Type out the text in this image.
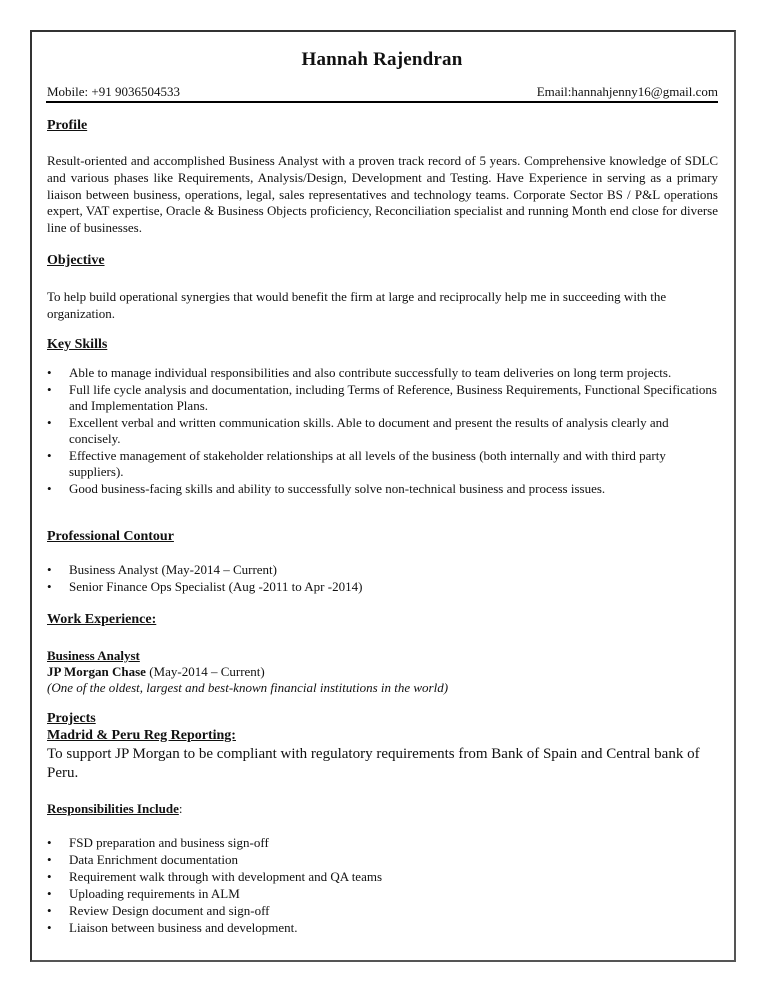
Hannah Rajendran
Mobile: +91 9036504533	Email:hannahjenny16@gmail.com
Profile
Result-oriented and accomplished Business Analyst with a proven track record of 5 years. Comprehensive knowledge of SDLC and various phases like Requirements, Analysis/Design, Development and Testing. Have Experience in serving as a primary liaison between business, operations, legal, sales representatives and technology teams. Corporate Sector BS / P&L operations expert, VAT expertise, Oracle & Business Objects proficiency, Reconciliation specialist and running Month end close for diverse line of businesses.
Objective
To help build operational synergies that would benefit the firm at large and reciprocally help me in succeeding with the organization.
Key Skills
• Able to manage individual responsibilities and also contribute successfully to team deliveries on long term projects.
• Full life cycle analysis and documentation, including Terms of Reference, Business Requirements, Functional Specifications and Implementation Plans.
• Excellent verbal and written communication skills. Able to document and present the results of analysis clearly and concisely.
• Effective management of stakeholder relationships at all levels of the business (both internally and with third party suppliers).
• Good business-facing skills and ability to successfully solve non-technical business and process issues.
Professional Contour
• Business Analyst (May-2014 – Current)
• Senior Finance Ops Specialist (Aug -2011 to Apr -2014)
Work Experience:
Business Analyst
JP Morgan Chase (May-2014 – Current)
(One of the oldest, largest and best-known financial institutions in the world)
Projects
Madrid & Peru Reg Reporting:
To support JP Morgan to be compliant with regulatory requirements from Bank of Spain and Central bank of Peru.
Responsibilities Include:
• FSD preparation and business sign-off
• Data Enrichment documentation
• Requirement walk through with development and QA teams
• Uploading requirements in ALM
• Review Design document and sign-off
• Liaison between business and development.
